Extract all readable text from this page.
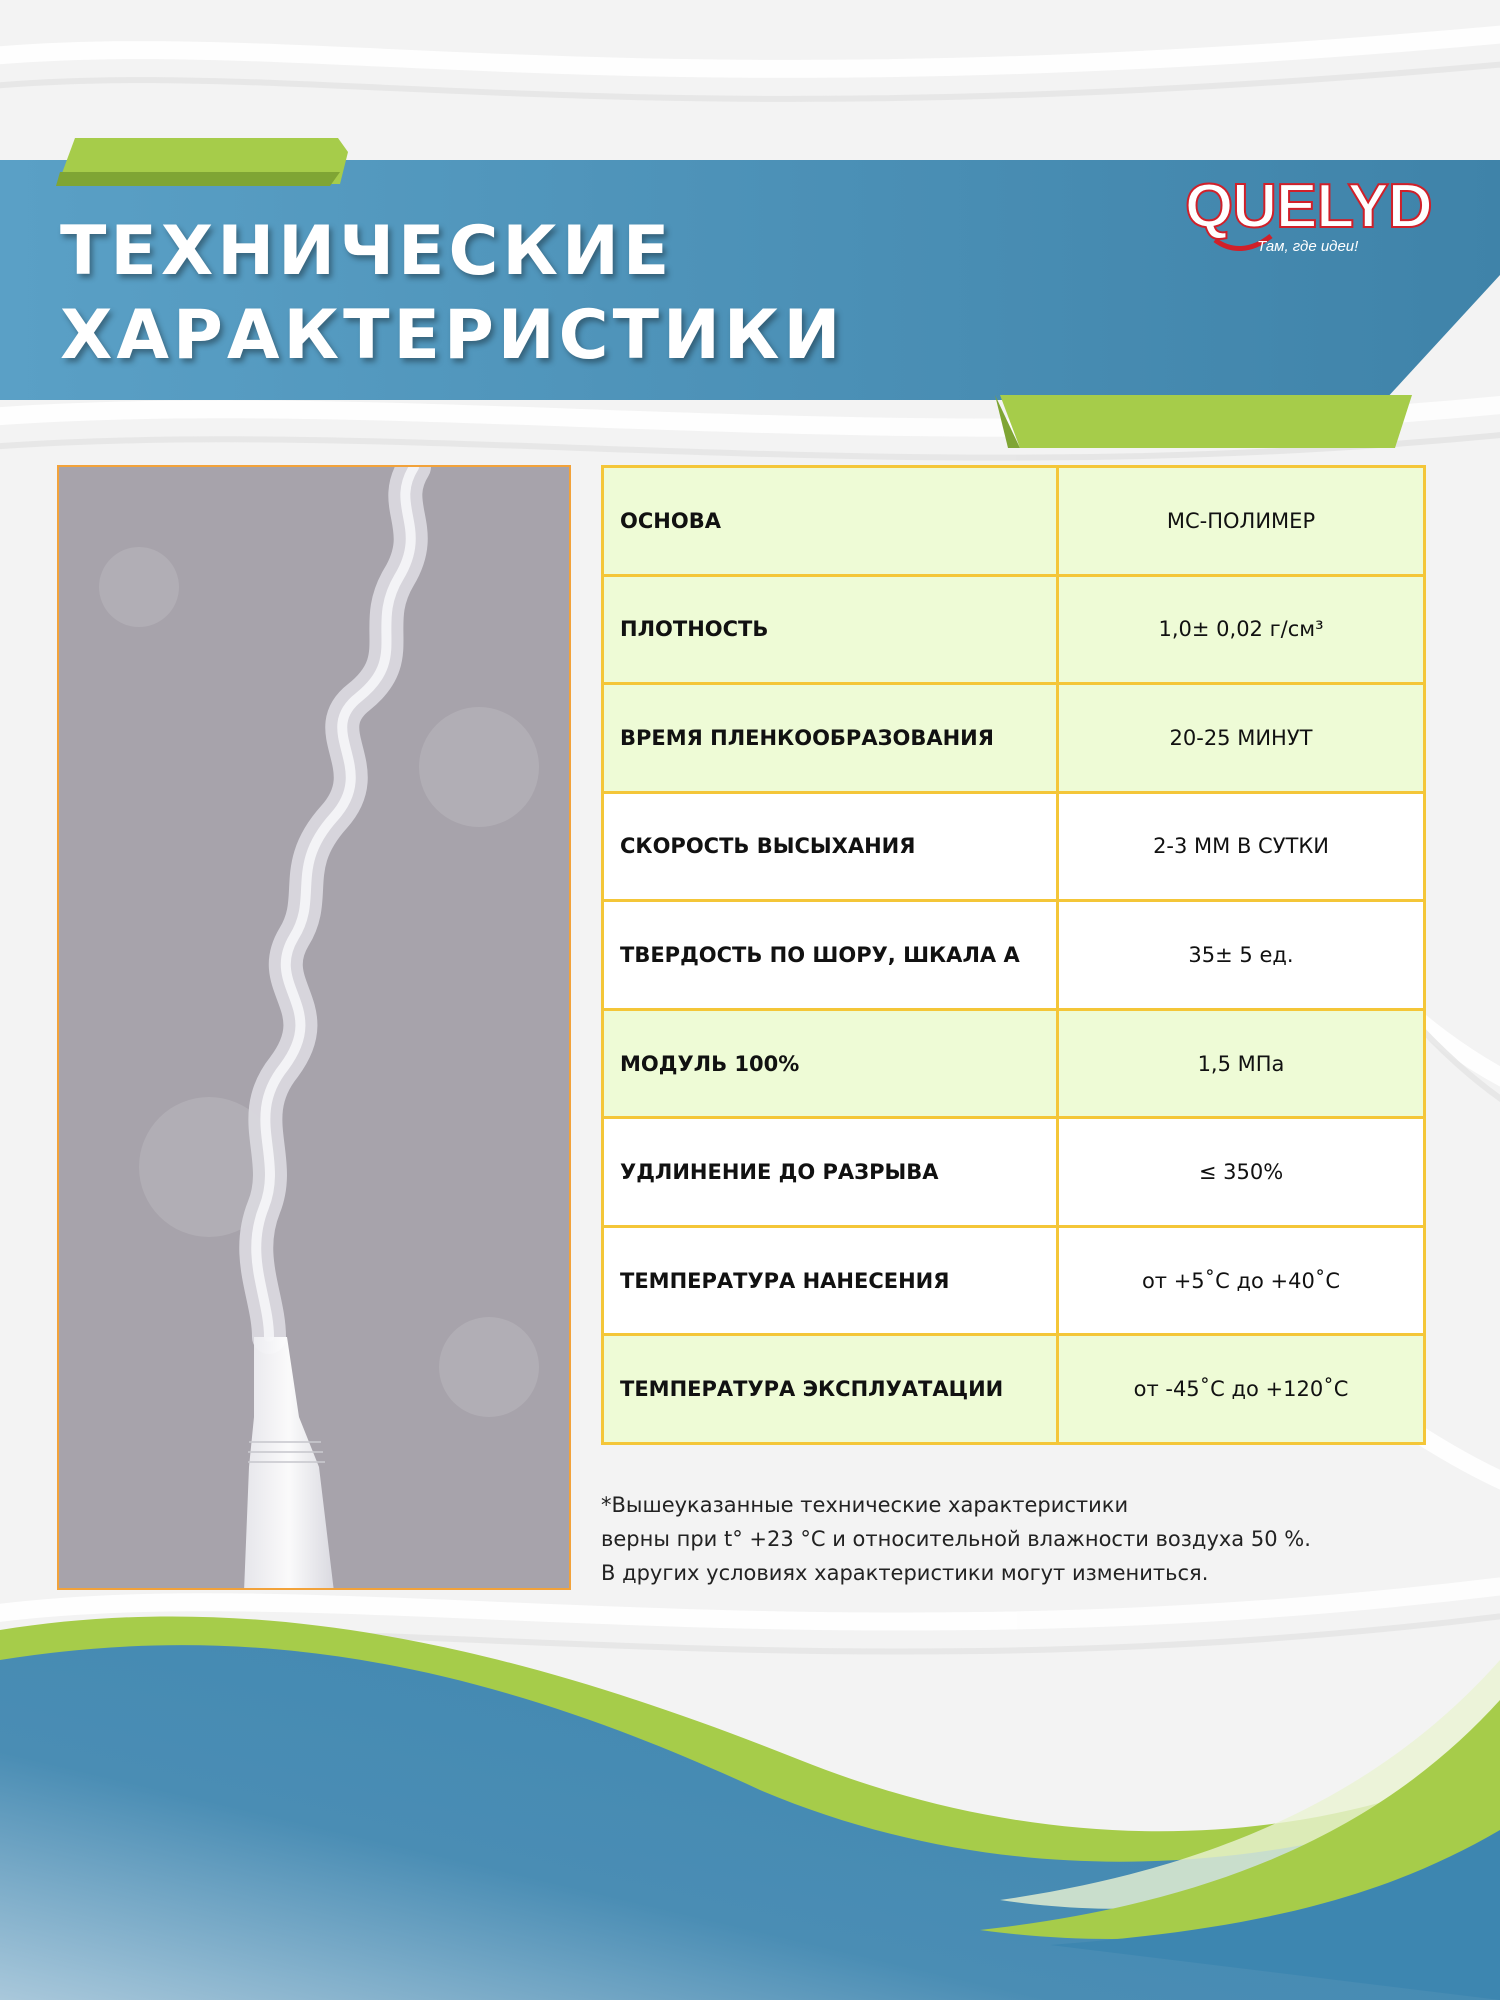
ТЕХНИЧЕСКИЕ
ХАРАКТЕРИСТИКИ
QUELYD
Там, где идеи!
ОСНОВА	МС-ПОЛИМЕР
ПЛОТНОСТЬ	1,0± 0,02 г/см³
ВРЕМЯ ПЛЕНКООБРАЗОВАНИЯ	20-25 МИНУТ
СКОРОСТЬ ВЫСЫХАНИЯ	2-3 ММ В СУТКИ
ТВЕРДОСТЬ ПО ШОРУ, ШКАЛА А	35± 5 ед.
МОДУЛЬ 100%	1,5 МПа
УДЛИНЕНИЕ ДО РАЗРЫВА	≤ 350%
ТЕМПЕРАТУРА НАНЕСЕНИЯ	от +5˚С до +40˚С
ТЕМПЕРАТУРА ЭКСПЛУАТАЦИИ	от -45˚С до +120˚С
*Вышеуказанные технические характеристики
верны при t° +23 °С и относительной влажности воздуха 50 %.
В других условиях характеристики могут измениться.
